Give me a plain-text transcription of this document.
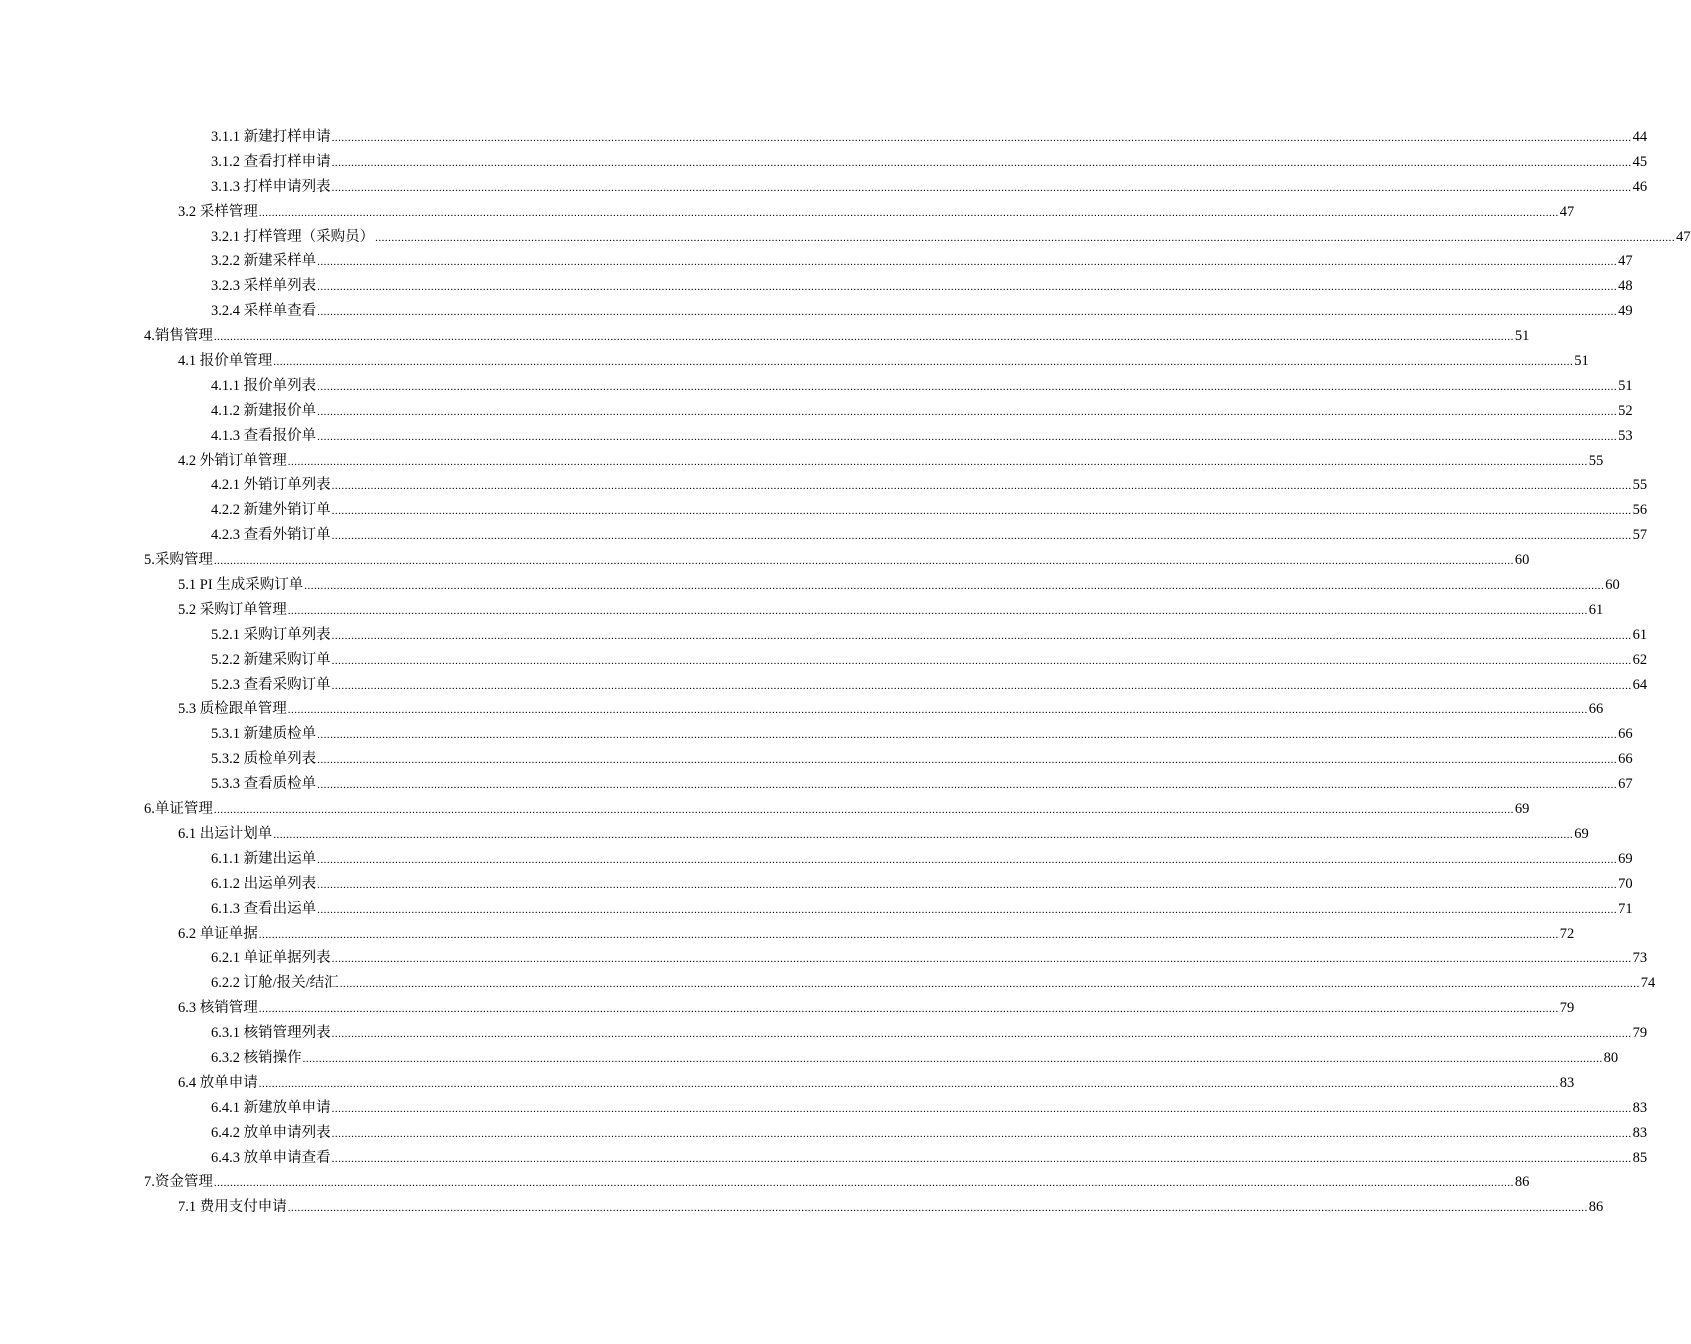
3.1.1 新建打样申请 ................................................................................................................................................................................................................................................................................................................................................................................................................ 44
3.1.2 查看打样申请 ................................................................................................................................................................................................................................................................................................................................................................................................................ 45
3.1.3 打样申请列表 ................................................................................................................................................................................................................................................................................................................................................................................................................ 46
3.2 采样管理 ................................................................................................................................................................................................................................................................................................................................................................................................................ 47
3.2.1 打样管理（采购员） ................................................................................................................................................................................................................................................................................................................................................................................................................ 47
3.2.2 新建采样单 ................................................................................................................................................................................................................................................................................................................................................................................................................ 47
3.2.3 采样单列表 ................................................................................................................................................................................................................................................................................................................................................................................................................ 48
3.2.4 采样单查看 ................................................................................................................................................................................................................................................................................................................................................................................................................ 49
4.销售管理 ................................................................................................................................................................................................................................................................................................................................................................................................................ 51
4.1 报价单管理 ................................................................................................................................................................................................................................................................................................................................................................................................................ 51
4.1.1 报价单列表 ................................................................................................................................................................................................................................................................................................................................................................................................................ 51
4.1.2 新建报价单 ................................................................................................................................................................................................................................................................................................................................................................................................................ 52
4.1.3 查看报价单 ................................................................................................................................................................................................................................................................................................................................................................................................................ 53
4.2 外销订单管理 ................................................................................................................................................................................................................................................................................................................................................................................................................ 55
4.2.1 外销订单列表 ................................................................................................................................................................................................................................................................................................................................................................................................................ 55
4.2.2 新建外销订单 ................................................................................................................................................................................................................................................................................................................................................................................................................ 56
4.2.3 查看外销订单 ................................................................................................................................................................................................................................................................................................................................................................................................................ 57
5.采购管理 ................................................................................................................................................................................................................................................................................................................................................................................................................ 60
5.1 PI 生成采购订单 ................................................................................................................................................................................................................................................................................................................................................................................................................ 60
5.2 采购订单管理 ................................................................................................................................................................................................................................................................................................................................................................................................................ 61
5.2.1 采购订单列表 ................................................................................................................................................................................................................................................................................................................................................................................................................ 61
5.2.2 新建采购订单 ................................................................................................................................................................................................................................................................................................................................................................................................................ 62
5.2.3 查看采购订单 ................................................................................................................................................................................................................................................................................................................................................................................................................ 64
5.3 质检跟单管理 ................................................................................................................................................................................................................................................................................................................................................................................................................ 66
5.3.1 新建质检单 ................................................................................................................................................................................................................................................................................................................................................................................................................ 66
5.3.2 质检单列表 ................................................................................................................................................................................................................................................................................................................................................................................................................ 66
5.3.3 查看质检单 ................................................................................................................................................................................................................................................................................................................................................................................................................ 67
6.单证管理 ................................................................................................................................................................................................................................................................................................................................................................................................................ 69
6.1 出运计划单 ................................................................................................................................................................................................................................................................................................................................................................................................................ 69
6.1.1 新建出运单 ................................................................................................................................................................................................................................................................................................................................................................................................................ 69
6.1.2 出运单列表 ................................................................................................................................................................................................................................................................................................................................................................................................................ 70
6.1.3 查看出运单 ................................................................................................................................................................................................................................................................................................................................................................................................................ 71
6.2 单证单据 ................................................................................................................................................................................................................................................................................................................................................................................................................ 72
6.2.1 单证单据列表 ................................................................................................................................................................................................................................................................................................................................................................................................................ 73
6.2.2 订舱/报关/结汇 ................................................................................................................................................................................................................................................................................................................................................................................................................ 74
6.3 核销管理 ................................................................................................................................................................................................................................................................................................................................................................................................................ 79
6.3.1 核销管理列表 ................................................................................................................................................................................................................................................................................................................................................................................................................ 79
6.3.2 核销操作 ................................................................................................................................................................................................................................................................................................................................................................................................................ 80
6.4 放单申请 ................................................................................................................................................................................................................................................................................................................................................................................................................ 83
6.4.1 新建放单申请 ................................................................................................................................................................................................................................................................................................................................................................................................................ 83
6.4.2 放单申请列表 ................................................................................................................................................................................................................................................................................................................................................................................................................ 83
6.4.3 放单申请查看 ................................................................................................................................................................................................................................................................................................................................................................................................................ 85
7.资金管理 ................................................................................................................................................................................................................................................................................................................................................................................................................ 86
7.1 费用支付申请 ................................................................................................................................................................................................................................................................................................................................................................................................................ 86
